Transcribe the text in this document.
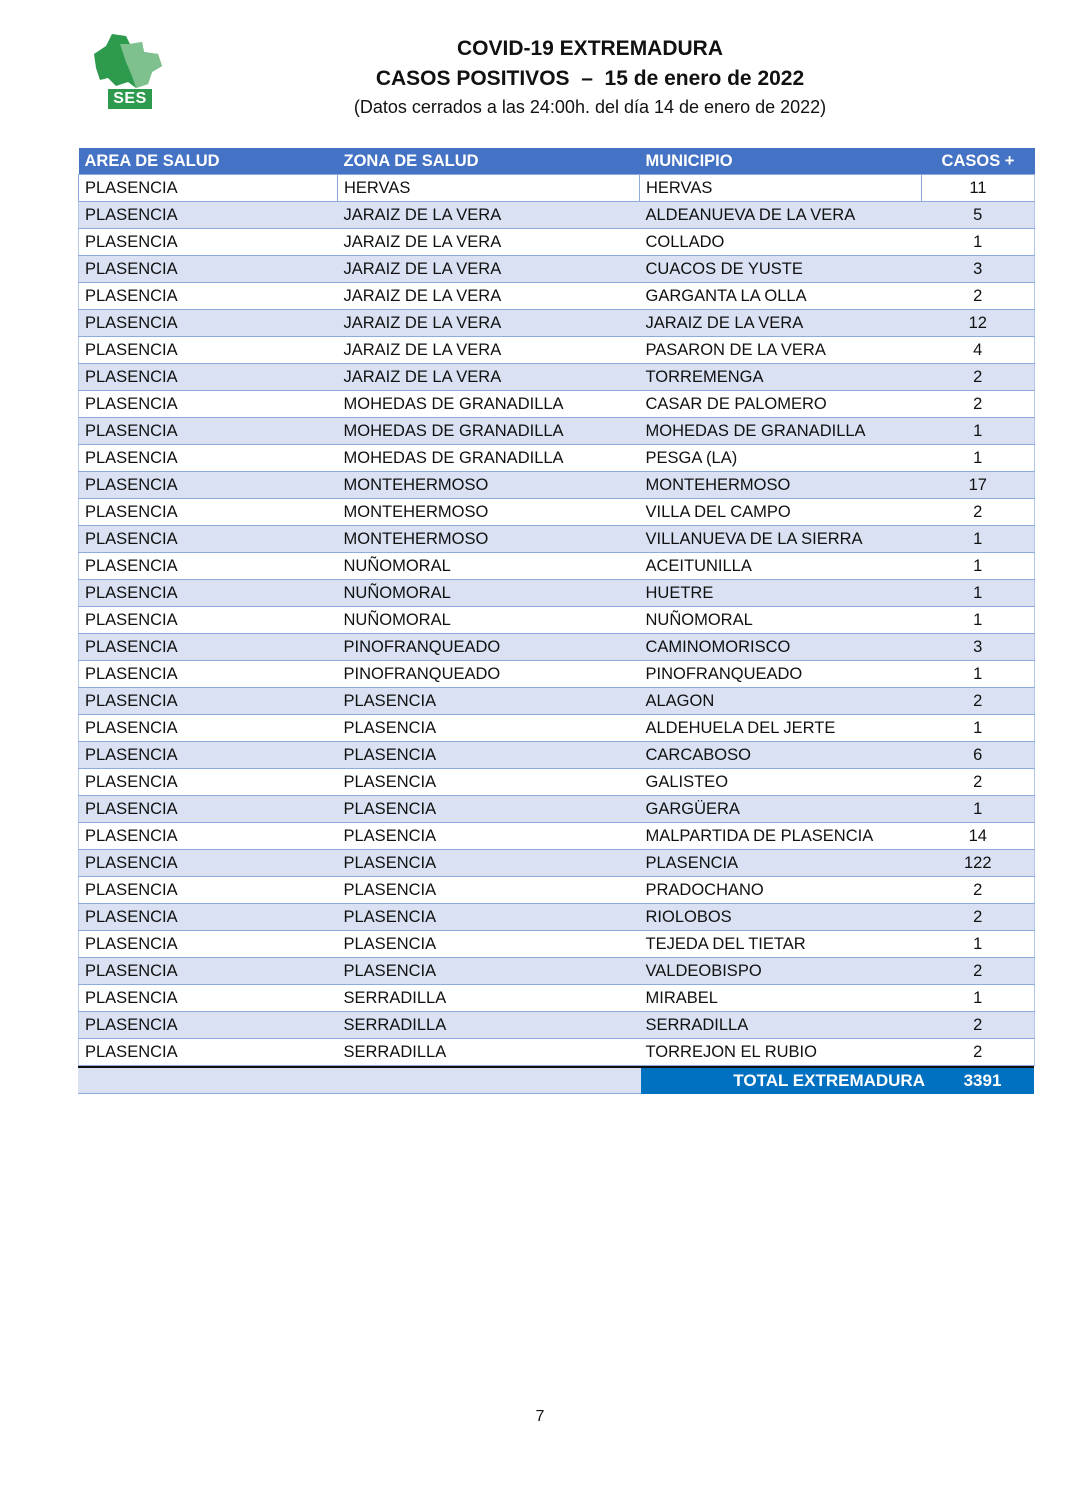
SES
COVID-19 EXTREMADURA
CASOS POSITIVOS  –  15 de enero de 2022
(Datos cerrados a las 24:00h. del día 14 de enero de 2022)
AREA DE SALUD	ZONA DE SALUD	MUNICIPIO	CASOS +
PLASENCIA	HERVAS	HERVAS	11
PLASENCIA	JARAIZ DE LA VERA	ALDEANUEVA DE LA VERA	5
PLASENCIA	JARAIZ DE LA VERA	COLLADO	1
PLASENCIA	JARAIZ DE LA VERA	CUACOS DE YUSTE	3
PLASENCIA	JARAIZ DE LA VERA	GARGANTA LA OLLA	2
PLASENCIA	JARAIZ DE LA VERA	JARAIZ DE LA VERA	12
PLASENCIA	JARAIZ DE LA VERA	PASARON DE LA VERA	4
PLASENCIA	JARAIZ DE LA VERA	TORREMENGA	2
PLASENCIA	MOHEDAS DE GRANADILLA	CASAR DE PALOMERO	2
PLASENCIA	MOHEDAS DE GRANADILLA	MOHEDAS DE GRANADILLA	1
PLASENCIA	MOHEDAS DE GRANADILLA	PESGA (LA)	1
PLASENCIA	MONTEHERMOSO	MONTEHERMOSO	17
PLASENCIA	MONTEHERMOSO	VILLA DEL CAMPO	2
PLASENCIA	MONTEHERMOSO	VILLANUEVA DE LA SIERRA	1
PLASENCIA	NUÑOMORAL	ACEITUNILLA	1
PLASENCIA	NUÑOMORAL	HUETRE	1
PLASENCIA	NUÑOMORAL	NUÑOMORAL	1
PLASENCIA	PINOFRANQUEADO	CAMINOMORISCO	3
PLASENCIA	PINOFRANQUEADO	PINOFRANQUEADO	1
PLASENCIA	PLASENCIA	ALAGON	2
PLASENCIA	PLASENCIA	ALDEHUELA DEL JERTE	1
PLASENCIA	PLASENCIA	CARCABOSO	6
PLASENCIA	PLASENCIA	GALISTEO	2
PLASENCIA	PLASENCIA	GARGÜERA	1
PLASENCIA	PLASENCIA	MALPARTIDA DE PLASENCIA	14
PLASENCIA	PLASENCIA	PLASENCIA	122
PLASENCIA	PLASENCIA	PRADOCHANO	2
PLASENCIA	PLASENCIA	RIOLOBOS	2
PLASENCIA	PLASENCIA	TEJEDA DEL TIETAR	1
PLASENCIA	PLASENCIA	VALDEOBISPO	2
PLASENCIA	SERRADILLA	MIRABEL	1
PLASENCIA	SERRADILLA	SERRADILLA	2
PLASENCIA	SERRADILLA	TORREJON EL RUBIO	2
TOTAL EXTREMADURA	3391
7
